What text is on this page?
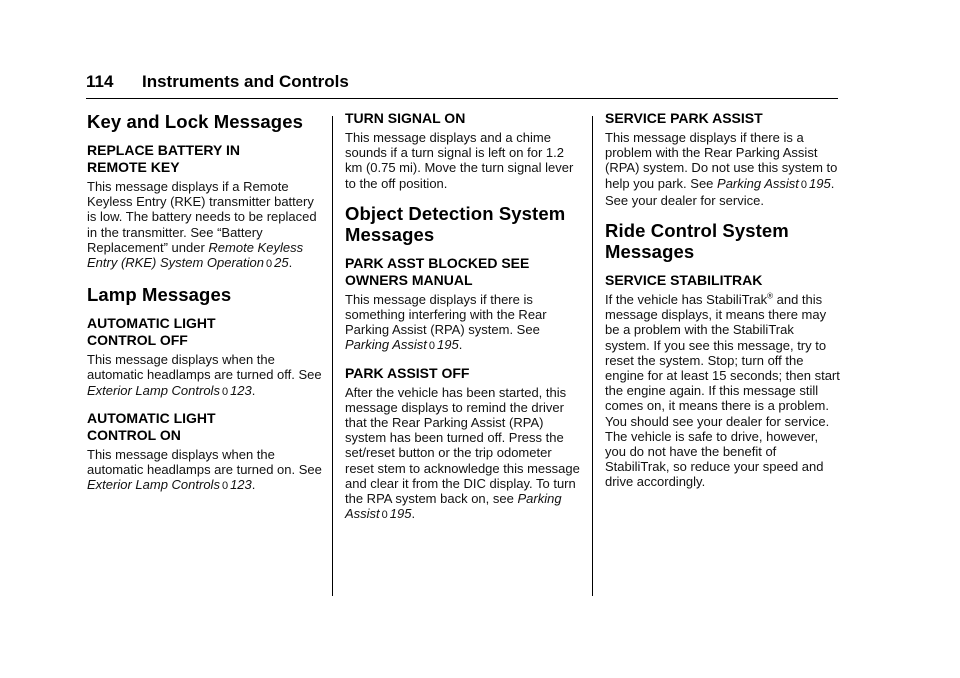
114 Instruments and Controls
Key and Lock Messages
REPLACE BATTERY IN
REMOTE KEY

This message displays if a Remote Keyless Entry (RKE) transmitter battery is low. The battery needs to be replaced in the transmitter. See “Battery Replacement” under Remote Keyless Entry (RKE) System Operation 0 25.

Lamp Messages
AUTOMATIC LIGHT
CONTROL OFF

This message displays when the automatic headlamps are turned off. See Exterior Lamp Controls 0 123.

AUTOMATIC LIGHT
CONTROL ON

This message displays when the automatic headlamps are turned on. See Exterior Lamp Controls 0 123.

TURN SIGNAL ON

This message displays and a chime sounds if a turn signal is left on for 1.2 km (0.75 mi). Move the turn signal lever to the off position.

Object Detection System
Messages
PARK ASST BLOCKED SEE
OWNERS MANUAL

This message displays if there is something interfering with the Rear Parking Assist (RPA) system. See Parking Assist 0 195.

PARK ASSIST OFF

After the vehicle has been started, this message displays to remind the driver that the Rear Parking Assist (RPA) system has been turned off. Press the set/reset button or the trip odometer reset stem to acknowledge this message and clear it from the DIC display. To turn the RPA system back on, see Parking Assist 0 195.

SERVICE PARK ASSIST

This message displays if there is a problem with the Rear Parking Assist (RPA) system. Do not use this system to help you park. See Parking Assist 0 195. See your dealer for service.

Ride Control System
Messages
SERVICE STABILITRAK

If the vehicle has StabiliTrak® and this message displays, it means there may be a problem with the StabiliTrak system. If you see this message, try to reset the system. Stop; turn off the engine for at least 15 seconds; then start the engine again. If this message still comes on, it means there is a problem. You should see your dealer for service. The vehicle is safe to drive, however, you do not have the benefit of StabiliTrak, so reduce your speed and drive accordingly.
